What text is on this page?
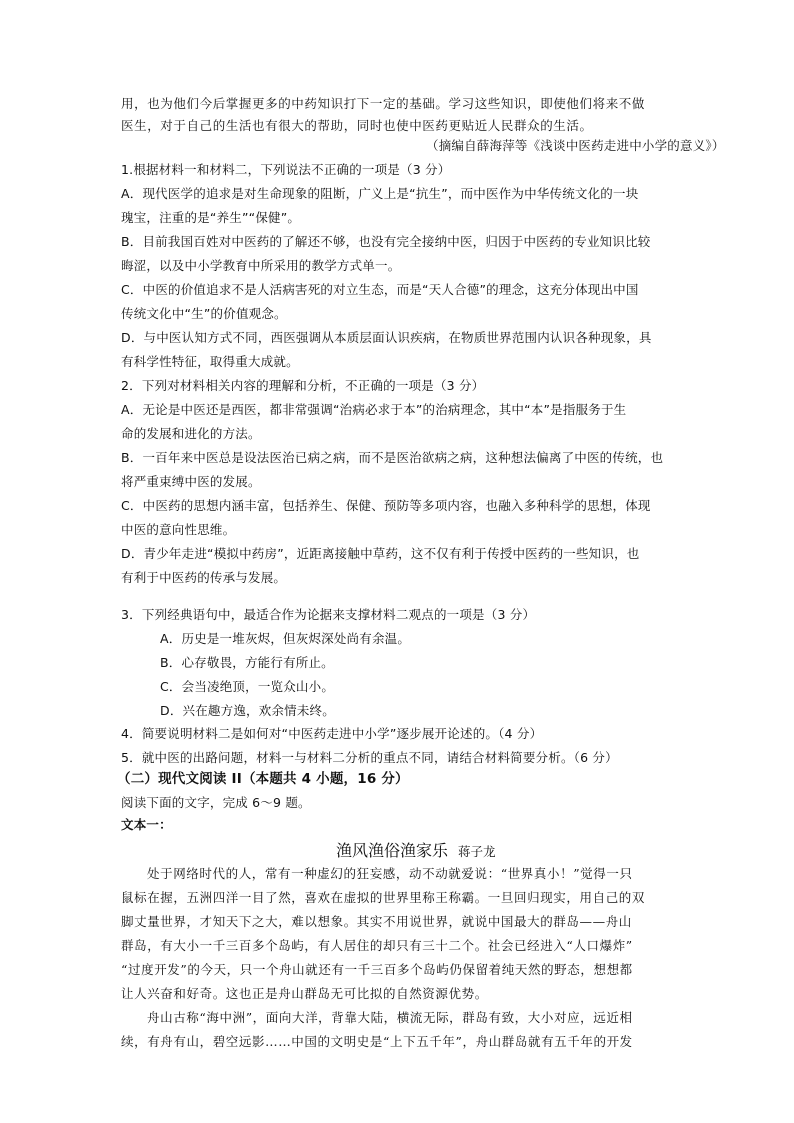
用，也为他们今后掌握更多的中药知识打下一定的基础。学习这些知识，即使他们将来不做
医生，对于自己的生活也有很大的帮助，同时也使中医药更贴近人民群众的生活。
（摘编自薛海萍等《浅谈中医药走进中小学的意义》）
1.根据材料一和材料二，下列说法不正确的一项是（3 分）
A．现代医学的追求是对生命现象的阻断，广义上是“抗生”，而中医作为中华传统文化的一块
瑰宝，注重的是“养生”“保健”。
B．目前我国百姓对中医药的了解还不够，也没有完全接纳中医，归因于中医药的专业知识比较
晦涩，以及中小学教育中所采用的教学方式单一。
C．中医的价值追求不是人活病害死的对立生态，而是“天人合德”的理念，这充分体现出中国
传统文化中“生”的价值观念。
D．与中医认知方式不同，西医强调从本质层面认识疾病，在物质世界范围内认识各种现象，具
有科学性特征，取得重大成就。
2．下列对材料相关内容的理解和分析，不正确的一项是（3 分）
A．无论是中医还是西医，都非常强调“治病必求于本”的治病理念，其中“本”是指服务于生
命的发展和进化的方法。
B．一百年来中医总是设法医治已病之病，而不是医治欲病之病，这种想法偏离了中医的传统，也
将严重束缚中医的发展。
C．中医药的思想内涵丰富，包括养生、保健、预防等多项内容，也融入多种科学的思想，体现
中医的意向性思维。
D．青少年走进“模拟中药房”，近距离接触中草药，这不仅有利于传授中医药的一些知识，也
有利于中医药的传承与发展。
3．下列经典语句中，最适合作为论据来支撑材料二观点的一项是（3 分）
A．历史是一堆灰烬，但灰烬深处尚有余温。
B．心存敬畏，方能行有所止。
C．会当凌绝顶，一览众山小。
D．兴在趣方逸，欢余情未终。
4．简要说明材料二是如何对“中医药走进中小学”逐步展开论述的。（4 分）
5．就中医的出路问题，材料一与材料二分析的重点不同，请结合材料简要分析。（6 分）
（二）现代文阅读 II（本题共 4 小题，16 分）
阅读下面的文字，完成 6～9 题。
文本一：
渔风渔俗渔家乐 蒋子龙
处于网络时代的人，常有一种虚幻的狂妄感，动不动就爱说：“世界真小！”觉得一只
鼠标在握，五洲四洋一目了然，喜欢在虚拟的世界里称王称霸。一旦回归现实，用自己的双
脚丈量世界，才知天下之大，难以想象。其实不用说世界，就说中国最大的群岛——舟山
群岛，有大小一千三百多个岛屿，有人居住的却只有三十二个。社会已经进入“人口爆炸”
“过度开发”的今天，只一个舟山就还有一千三百多个岛屿仍保留着纯天然的野态，想想都
让人兴奋和好奇。这也正是舟山群岛无可比拟的自然资源优势。
舟山古称“海中洲”，面向大洋，背靠大陆，横流无际，群岛有致，大小对应，远近相
续，有舟有山，碧空远影……中国的文明史是“上下五千年”，舟山群岛就有五千年的开发
